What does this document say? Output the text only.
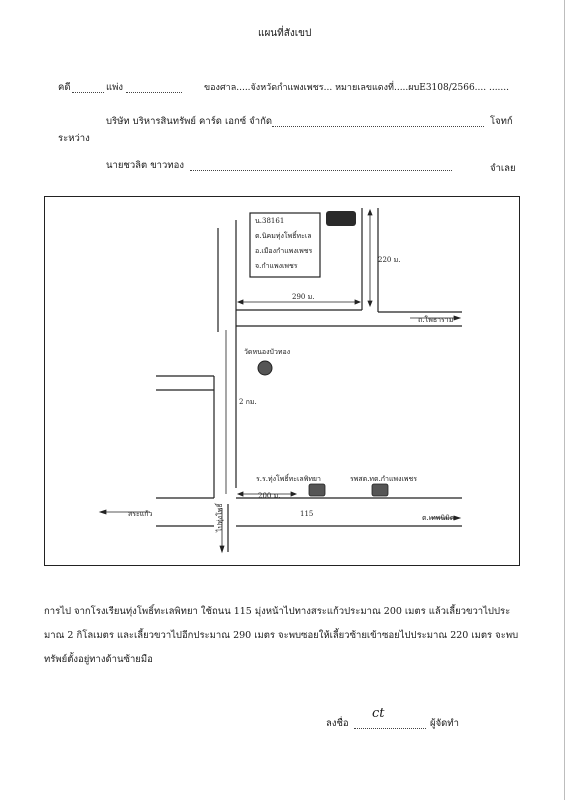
แผนที่สังเขป
คดี	แพ่ง	ของศาล.....จังหวัดกำแพงเพชร... หมายเลขแดงที่.....ผบE3108/2566.... .......
บริษัท บริหารสินทรัพย์ คาร์ด เอกซ์ จำกัด	โจทก์
ระหว่าง
นายชวลิต ขาวทอง	จำเลย
น.38161
ต.นิคมทุ่งโพธิ์ทะเล
อ.เมืองกำแพงเพชร
จ.กำแพงเพชร
220 ม.
290 ม.
ถ.โพธาราม
วัดหนองบัวทอง
2 กม.
ร.ร.ทุ่งโพธิ์ทะเลพิทยา	รพสต.ทต.กำแพงเพชร
200 ม.
115
สระแก้ว	ต.เทพนิมิต
ไปทุ่งโพธิ์
การไป จากโรงเรียนทุ่งโพธิ์ทะเลพิทยา ใช้ถนน 115 มุ่งหน้าไปทางสระแก้วประมาณ 200 เมตร แล้วเลี้ยวขวาไปประ
มาณ 2 กิโลเมตร และเลี้ยวขวาไปอีกประมาณ 290 เมตร จะพบซอยให้เลี้ยวซ้ายเข้าซอยไปประมาณ 220 เมตร จะพบ
ทรัพย์ตั้งอยู่ทางด้านซ้ายมือ
ลงชื่อ
ct
ผู้จัดทำ
